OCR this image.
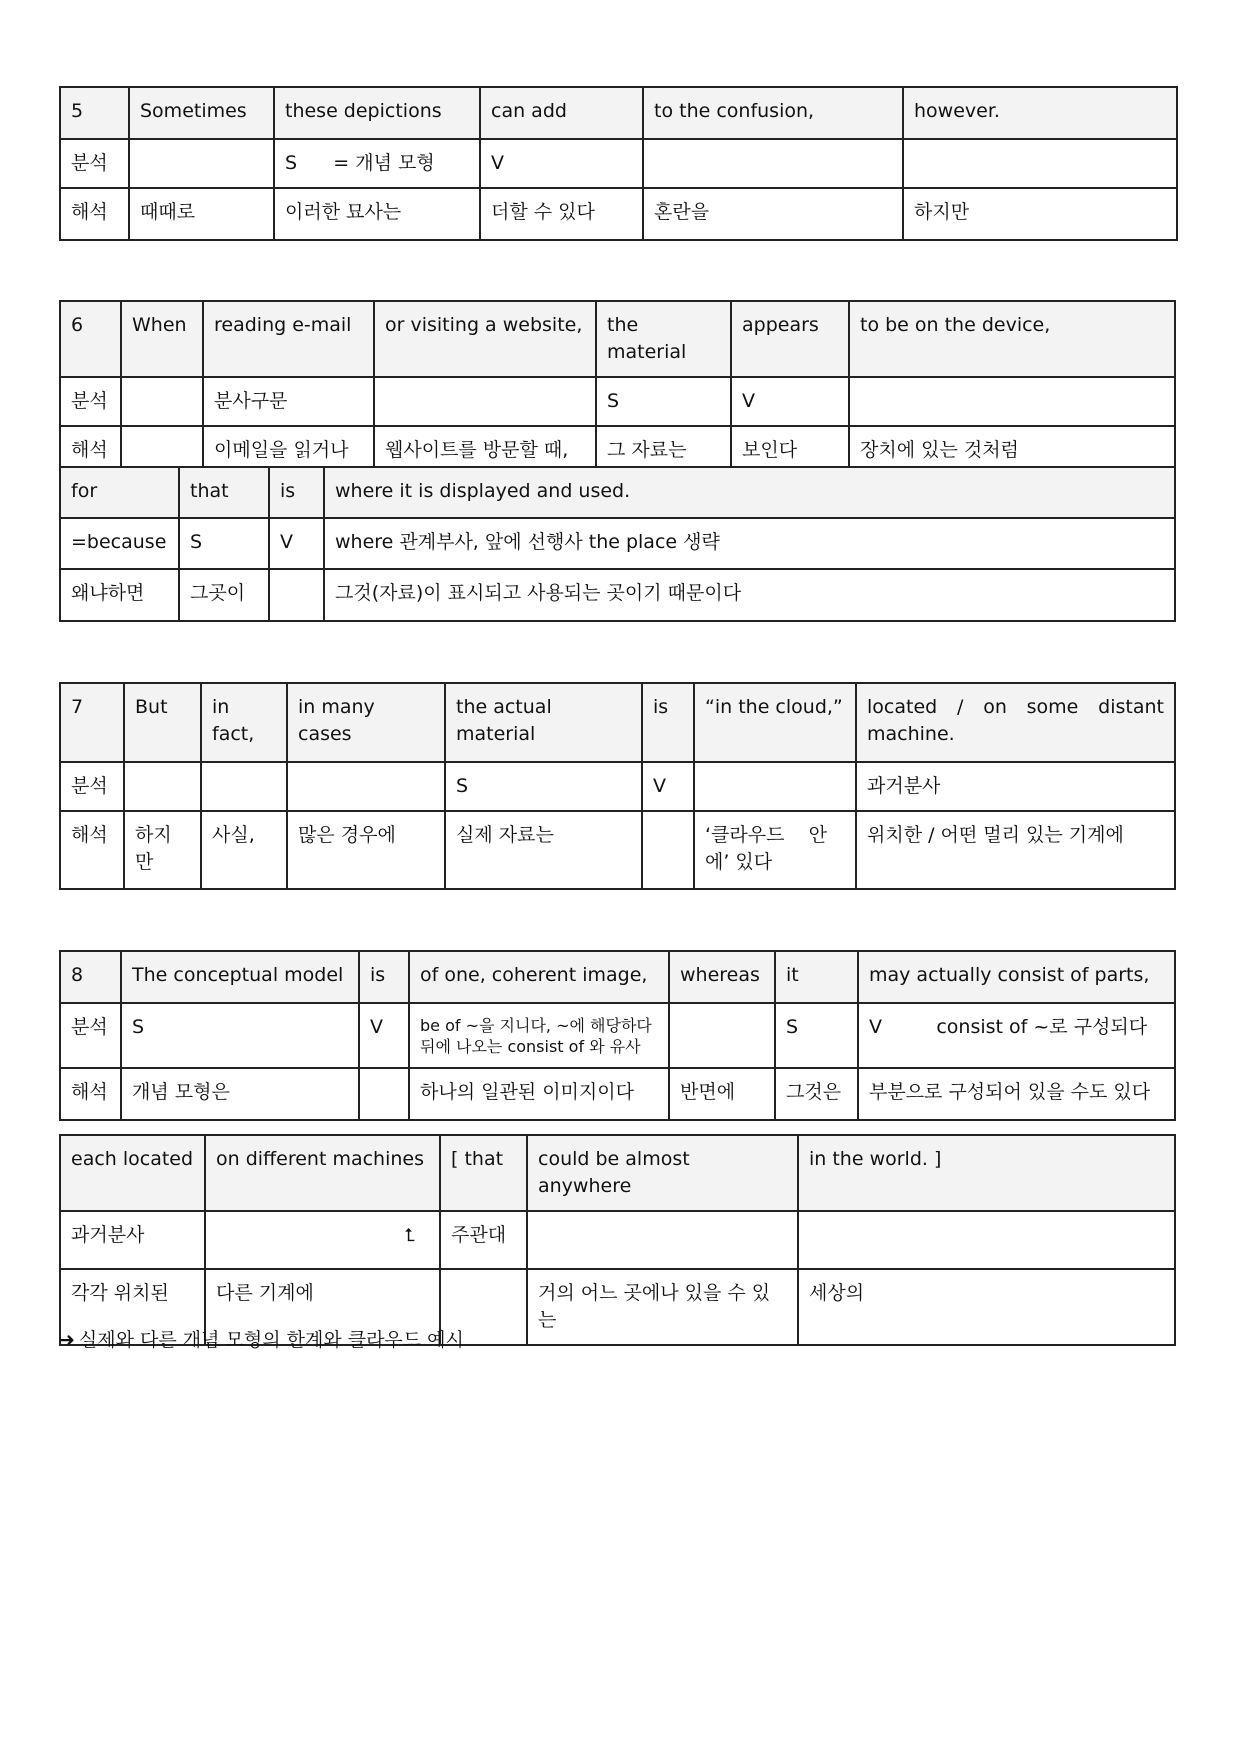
5	Sometimes	these depictions	can add	to the confusion,	however.
분석		S      = 개념 모형	V		
해석	때때로	이러한 묘사는	더할 수 있다	혼란을	하지만
6	When	reading e-mail	or visiting a website,	the material	appears	to be on the device,
분석		분사구문		S	V	
해석		이메일을 읽거나	웹사이트를 방문할 때,	그 자료는	보인다	장치에 있는 것처럼
for	that	is	where it is displayed and used.
=because	S	V	where 관계부사, 앞에 선행사 the place 생략
왜냐하면	그곳이		그것(자료)이 표시되고 사용되는 곳이기 때문이다
7	But	in fact,	in many cases	the actual material	is	“in the cloud,”	located / on some distant machine.
분석				S	V		과거분사
해석	하지만	사실,	많은 경우에	실제 자료는		‘클라우드    안에’ 있다	위치한 / 어떤 멀리 있는 기계에
8	The conceptual model	is	of one, coherent image,	whereas	it	may actually consist of parts,
분석	S	V	be of ~을 지니다, ~에 해당하다 뒤에 나오는 consist of 와 유사		S	V         consist of ~로 구성되다
해석	개념 모형은		하나의 일관된 이미지이다	반면에	그것은	부분으로 구성되어 있을 수도 있다
each located	on different machines	[ that	could be almost anywhere	in the world. ]
과거분사	⮤	주관대		
각각 위치된	다른 기계에		거의 어느 곳에나 있을 수 있는	세상의
➜ 실제와 다른 개념 모형의 한계와 클라우드 예시
